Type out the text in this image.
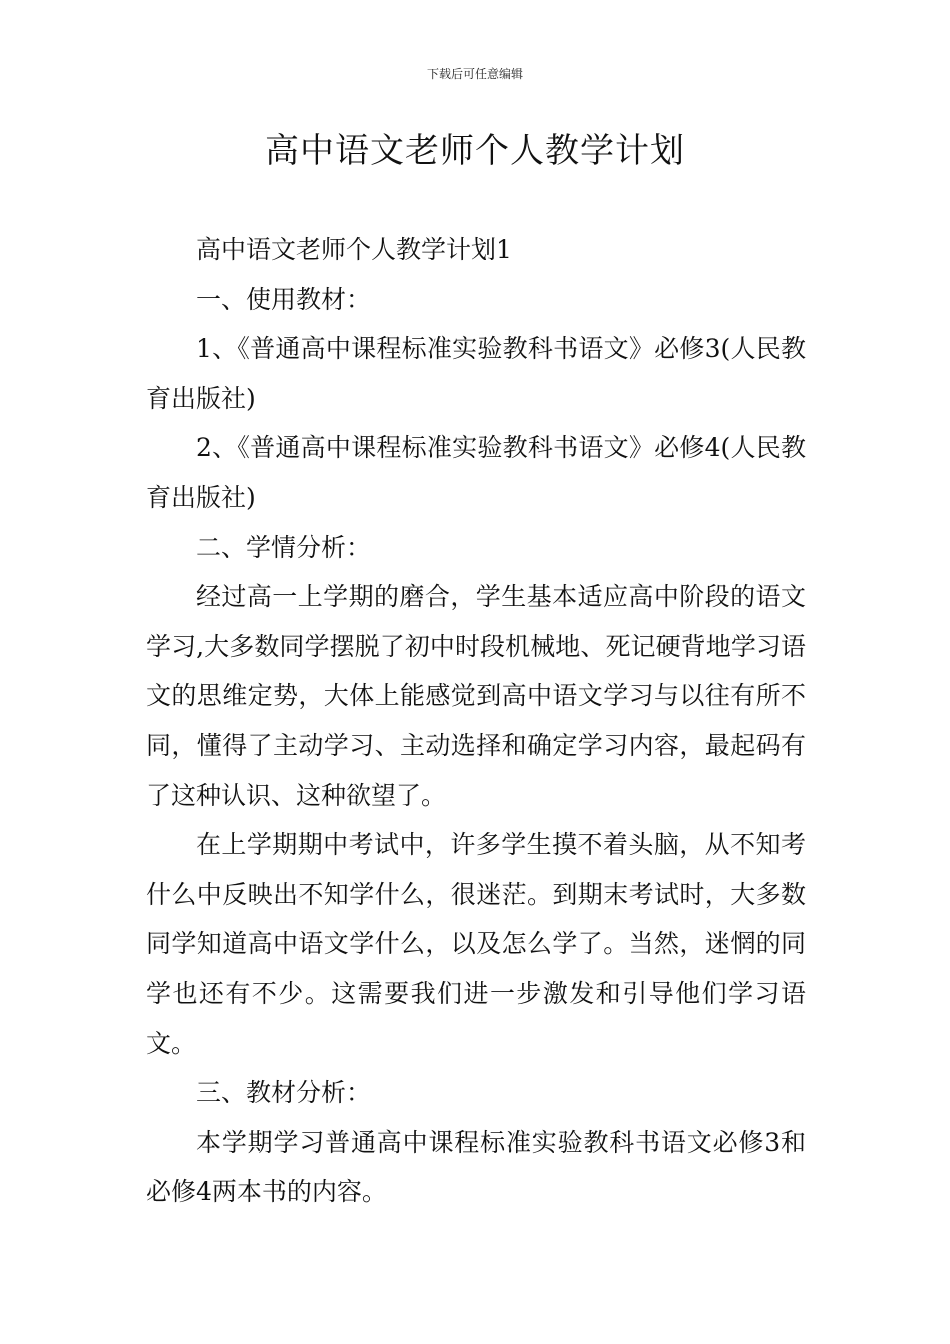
下载后可任意编辑
高中语文老师个人教学计划

高中语文老师个人教学计划1

一、使用教材：

1、《普通高中课程标准实验教科书语文》必修3(人民教育出版社)

2、《普通高中课程标准实验教科书语文》必修4(人民教育出版社)

二、学情分析：

经过高一上学期的磨合，学生基本适应高中阶段的语文学习,大多数同学摆脱了初中时段机械地、死记硬背地学习语文的思维定势，大体上能感觉到高中语文学习与以往有所不同，懂得了主动学习、主动选择和确定学习内容，最起码有了这种认识、这种欲望了。

在上学期期中考试中，许多学生摸不着头脑，从不知考什么中反映出不知学什么，很迷茫。到期末考试时，大多数同学知道高中语文学什么，以及怎么学了。当然，迷惘的同学也还有不少。这需要我们进一步激发和引导他们学习语文。

三、教材分析：

本学期学习普通高中课程标准实验教科书语文必修3和必修4两本书的内容。
